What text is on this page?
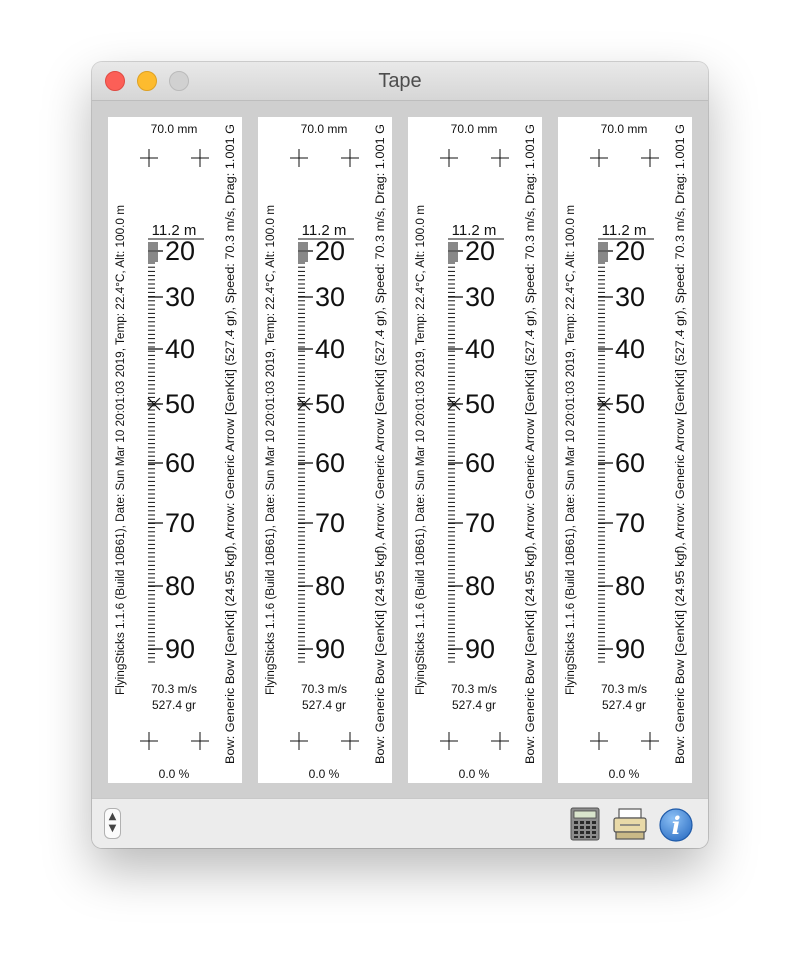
Tape
70.0 mm
11.2 m
20
30
40
50
60
70
80
90
70.3 m/s
527.4 gr
0.0 %
FlyingSticks 1.1.6 (Build 10B61), Date: Sun Mar 10 20:01:03 2019, Temp: 22.4°C, Alt: 100.0 m	Bow: Generic Bow [GenKit] (24.95 kgf), Arrow: Generic Arrow [GenKit] (527.4 gr), Speed: 70.3 m/s, Drag: 1.001 G
70.0 mm
11.2 m
20
30
40
50
60
70
80
90
70.3 m/s
527.4 gr
0.0 %
FlyingSticks 1.1.6 (Build 10B61), Date: Sun Mar 10 20:01:03 2019, Temp: 22.4°C, Alt: 100.0 m	Bow: Generic Bow [GenKit] (24.95 kgf), Arrow: Generic Arrow [GenKit] (527.4 gr), Speed: 70.3 m/s, Drag: 1.001 G
70.0 mm
11.2 m
20
30
40
50
60
70
80
90
70.3 m/s
527.4 gr
0.0 %
FlyingSticks 1.1.6 (Build 10B61), Date: Sun Mar 10 20:01:03 2019, Temp: 22.4°C, Alt: 100.0 m	Bow: Generic Bow [GenKit] (24.95 kgf), Arrow: Generic Arrow [GenKit] (527.4 gr), Speed: 70.3 m/s, Drag: 1.001 G
70.0 mm
11.2 m
20
30
40
50
60
70
80
90
70.3 m/s
527.4 gr
0.0 %
FlyingSticks 1.1.6 (Build 10B61), Date: Sun Mar 10 20:01:03 2019, Temp: 22.4°C, Alt: 100.0 m	Bow: Generic Bow [GenKit] (24.95 kgf), Arrow: Generic Arrow [GenKit] (527.4 gr), Speed: 70.3 m/s, Drag: 1.001 G
▲
▼	i
